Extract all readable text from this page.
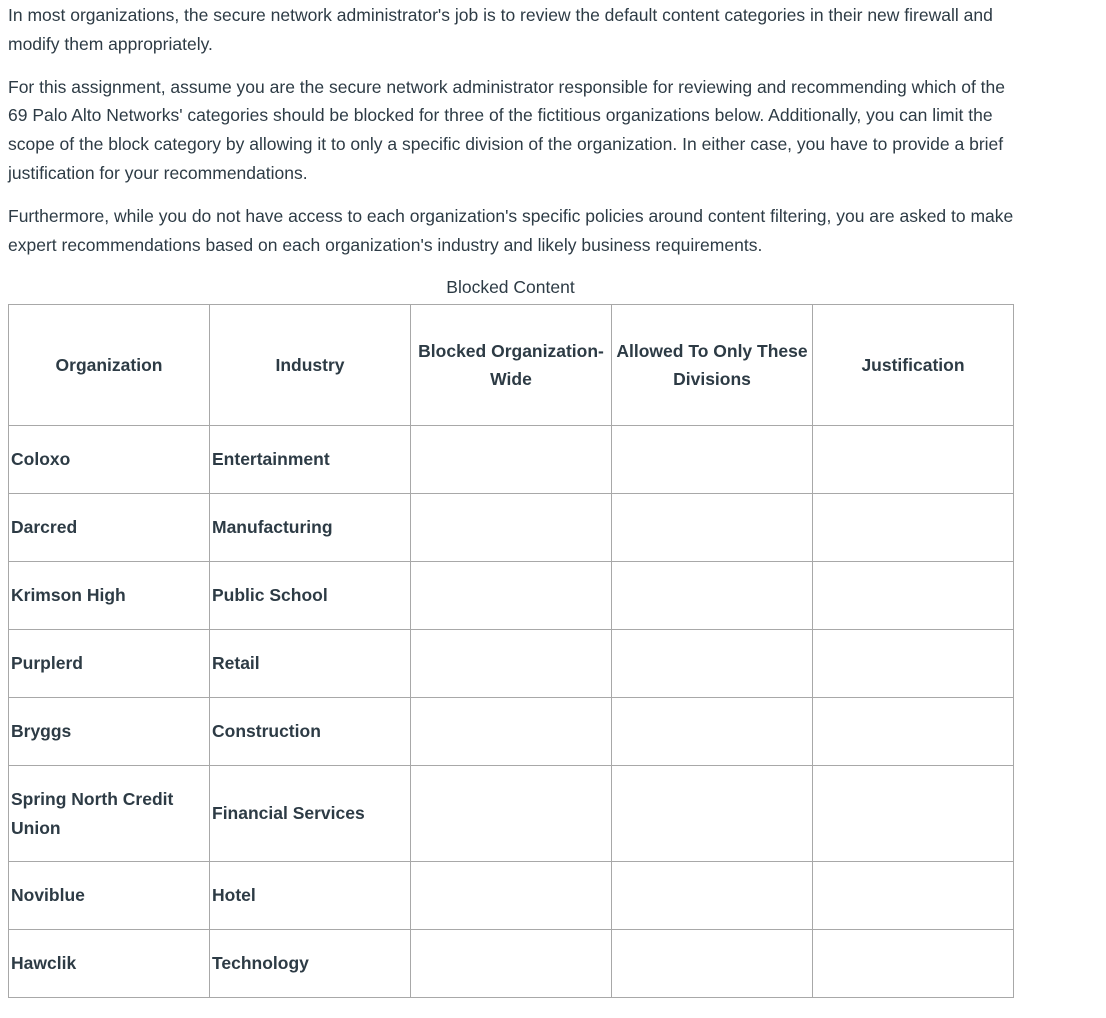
In most organizations, the secure network administrator's job is to review the default content categories in their new firewall and modify them appropriately.

For this assignment, assume you are the secure network administrator responsible for reviewing and recommending which of the 69 Palo Alto Networks' categories should be blocked for three of the fictitious organizations below. Additionally, you can limit the scope of the block category by allowing it to only a specific division of the organization. In either case, you have to provide a brief justification for your recommendations.

Furthermore, while you do not have access to each organization's specific policies around content filtering, you are asked to make expert recommendations based on each organization's industry and likely business requirements.

Blocked Content
Organization	Industry	Blocked Organization-Wide	Allowed To Only These Divisions	Justification
Coloxo	Entertainment			
Darcred	Manufacturing			
Krimson High	Public School			
Purplerd	Retail			
Bryggs	Construction			
Spring North Credit Union	Financial Services			
Noviblue	Hotel			
Hawclik	Technology			
